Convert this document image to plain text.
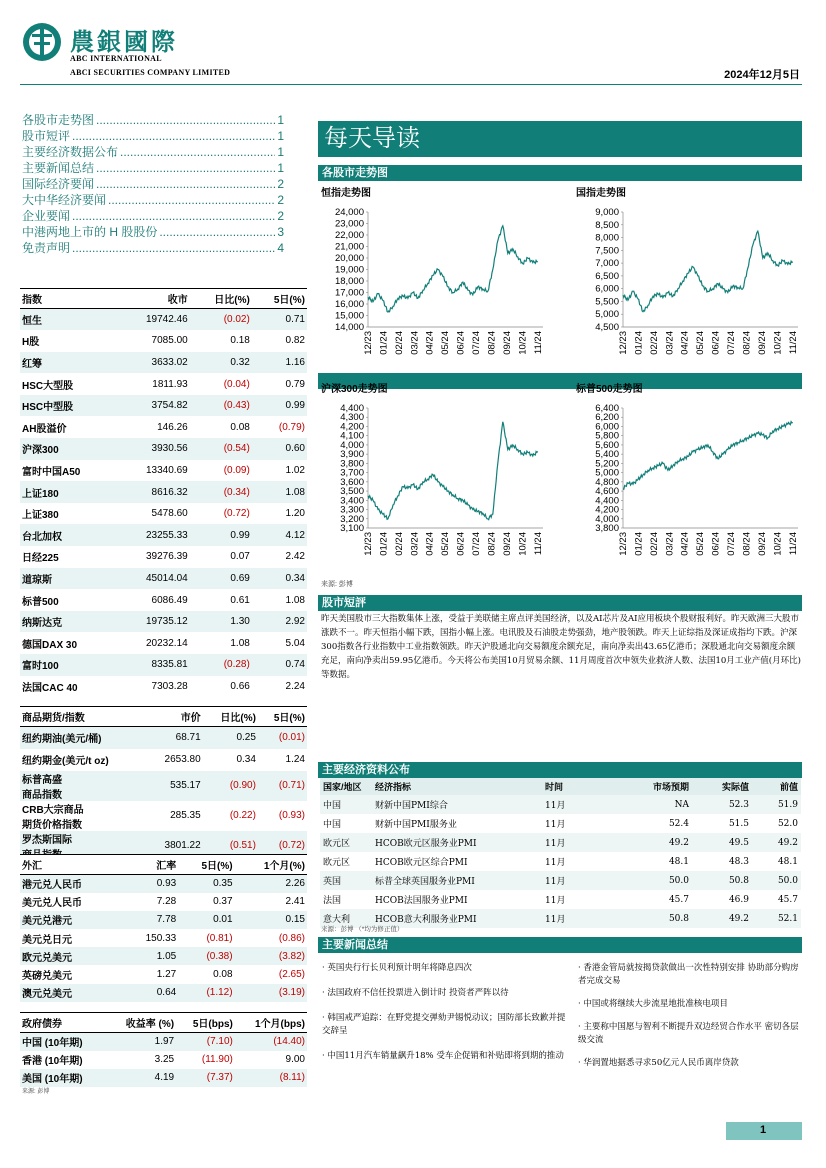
農銀國際
ABC INTERNATIONAL
ABCI SECURITIES COMPANY LIMITED	2024年12月5日
各股市走势图 .....	1
股市短评 .....	1
主要经济数据公布 .....	1
主要新闻总结 .....	1
国际经济要闻 .....	2
大中华经济要闻 .....	2
企业要闻 .....	2
中港两地上市的 H 股股份 .....	3
免责声明 .....	4
每天导读
各股市走势图
恒指走势图
24,000
23,000
22,000
21,000
20,000
19,000
18,000
17,000
16,000
15,000
14,000
12/23 01/24 02/24 03/24 04/24 05/24 06/24 07/24 08/24 09/24 10/24 11/24
国指走势图
9,000
8,500
8,000
7,500
7,000
6,500
6,000
5,500
5,000
4,500
12/23 01/24 02/24 03/24 04/24 05/24 06/24 07/24 08/24 09/24 10/24 11/24
沪深300走势图
4,400
4,300
4,200
4,100
4,000
3,900
3,800
3,700
3,600
3,500
3,400
3,300
3,200
3,100
12/23 01/24 02/24 03/24 04/24 05/24 06/24 07/24 08/24 09/24 10/24 11/24
标普500走势图
6,400
6,200
6,000
5,800
5,600
5,400
5,200
5,000
4,800
4,600
4,400
4,200
4,000
3,800
12/23 01/24 02/24 03/24 04/24 05/24 06/24 07/24 08/24 09/24 10/24 11/24
来源: 彭博
股市短評
昨天美国股市三大指数集体上涨，受益于美联储主席点评美国经济，以及AI芯片及AI应用板块个股财报利好。昨天欧洲三大股市涨跌不一。昨天恒指小幅下跌，国指小幅上涨。电讯股及石油股走势强劲，地产股领跌。昨天上证综指及深证成指均下跌。沪深300指数各行业指数中工业指数领跌。昨天沪股通北向交易额度余额充足，南向净卖出43.65亿港币；深股通北向交易额度余额充足，南向净卖出59.95亿港币。今天将公布美国10月贸易余额、11月周度首次申领失业救济人数、法国10月工业产值(月环比)等数据。
指数	收市	日比(%)	5日(%)
恒生	19742.46	(0.02)	0.71
H股	7085.00	0.18	0.82
红筹	3633.02	0.32	1.16
HSC大型股	1811.93	(0.04)	0.79
HSC中型股	3754.82	(0.43)	0.99
AH股溢价	146.26	0.08	(0.79)
沪深300	3930.56	(0.54)	0.60
富时中国A50	13340.69	(0.09)	1.02
上证180	8616.32	(0.34)	1.08
上证380	5478.60	(0.72)	1.20
台北加权	23255.33	0.99	4.12
日经225	39276.39	0.07	2.42
道琼斯	45014.04	0.69	0.34
标普500	6086.49	0.61	1.08
纳斯达克	19735.12	1.30	2.92
德国DAX 30	20232.14	1.08	5.04
富时100	8335.81	(0.28)	0.74
法国CAC 40	7303.28	0.66	2.24
商品期货/指数	市价	日比(%)	5日(%)
纽约期油(美元/桶)	68.71	0.25	(0.01)
纽约期金(美元/t oz)	2653.80	0.34	1.24
标普高盛
商品指数	535.17	(0.90)	(0.71)
CRB大宗商品
期货价格指数	285.35	(0.22)	(0.93)
罗杰斯国际	3801.22	(0.51)	(0.72)
外汇	汇率	5日(%)	1个月(%)
港元兑人民币	0.93	0.35	2.26
美元兑人民币	7.28	0.37	2.41
美元兑港元	7.78	0.01	0.15
美元兑日元	150.33	(0.81)	(0.86)
欧元兑美元	1.05	(0.38)	(3.82)
英磅兑美元	1.27	0.08	(2.65)
澳元兑美元	0.64	(1.12)	(3.19)
政府债券	收益率 (%)	5日(bps)	1个月(bps)
中国 (10年期)	1.97	(7.10)	(14.40)
香港 (10年期)	3.25	(11.90)	9.00
美国 (10年期)	4.19	(7.37)	(8.11)
来源: 彭博
主要经济资料公布
国家/地区	经济指标	时间	市场预期	实际值	前值
中国	财新中国PMI综合	11月	NA	52.3	51.9
中国	财新中国PMI服务业	11月	52.4	51.5	52.0
欧元区	HCOB欧元区服务业PMI	11月	49.2	49.5	49.2
欧元区	HCOB欧元区综合PMI	11月	48.1	48.3	48.1
英国	标普全球英国服务业PMI	11月	50.0	50.8	50.0
法国	HCOB法国服务业PMI	11月	45.7	46.9	45.7
意大利	HCOB意大利服务业PMI	11月	50.8	49.2	52.1
来源：彭博 （*均为修正值）
主要新闻总结
· 英国央行行长贝利预计明年将降息四次
· 法国政府不信任投票进入倒计时 投资者严阵以待
· 韩国戒严追踪：在野党提交弹劾尹锡悦动议；国防部长致歉并提交辞呈
· 中国11月汽车销量飙升18% 受车企促销和补贴即将到期的推动
· 香港金管局就按揭贷款做出一次性特别安排 协助部分购房者完成交易
· 中国或将继续大步流星地批准核电项目
· 主要称中国愿与智利不断提升双边经贸合作水平 密切各层级交流
· 华润置地据悉寻求50亿元人民币离岸贷款
1
